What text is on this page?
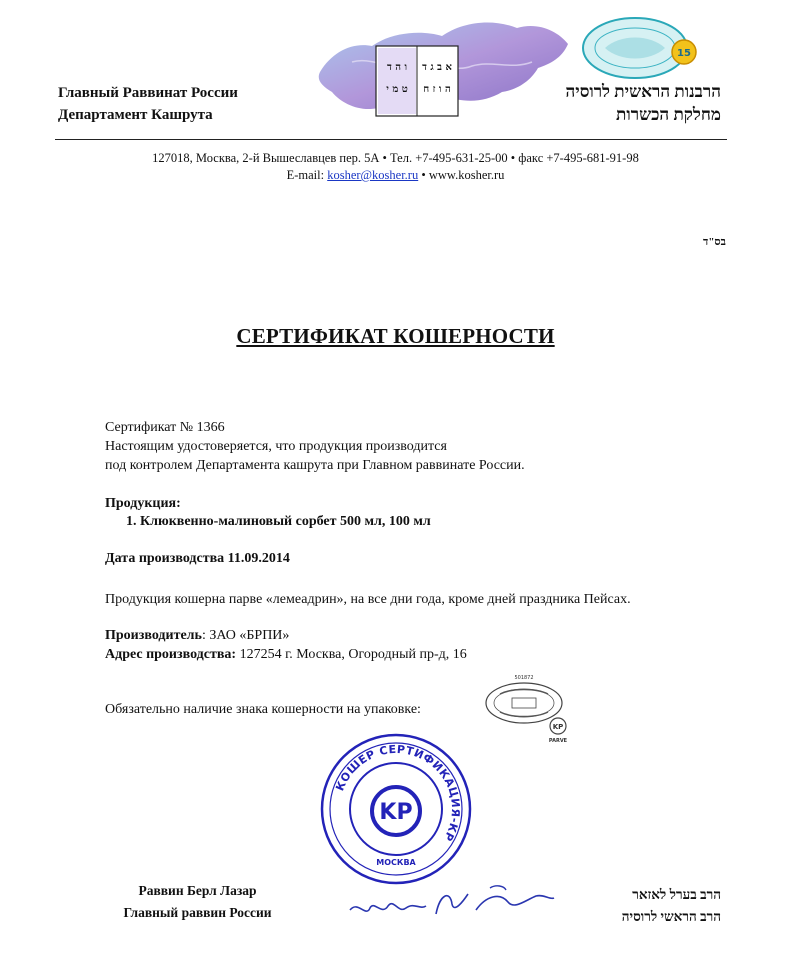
ו ה ד
ט מ י
א ב ג ד
ה ו ז ח
15
Главный Раввинат России
Департамент Кашрута
הרבנות הראשית לרוסיה
מחלקת הכשרות
127018, Москва, 2-й Вышеславцев пер. 5А • Тел. +7-495-631-25-00 • факс +7-495-681-91-98
E-mail: kosher@kosher.ru • www.kosher.ru
בס"ד
СЕРТИФИКАТ КОШЕРНОСТИ
Сертификат № 1366
Настоящим удостоверяется, что продукция производится
под контролем Департамента кашрута при Главном раввинате России.
Продукция:
1. Клюквенно-малиновый сорбет 500 мл, 100 мл
Дата производства 11.09.2014
Продукция кошерна парве «лемеадрин», на все дни года, кроме дней праздника Пейсах.
Производитель: ЗАО «БРПИ»
Адрес производства: 127254 г. Москва, Огородный пр-д, 16
Обязательно наличие знака кошерности на упаковке:
501872
KP
PARVE
КОШЕР СЕРТИФИКАЦИЯ-КР
KP
МОСКВА
Раввин Берл Лазар
Главный раввин России
הרב בערל לאזאר
הרב הראשי לרוסיה
